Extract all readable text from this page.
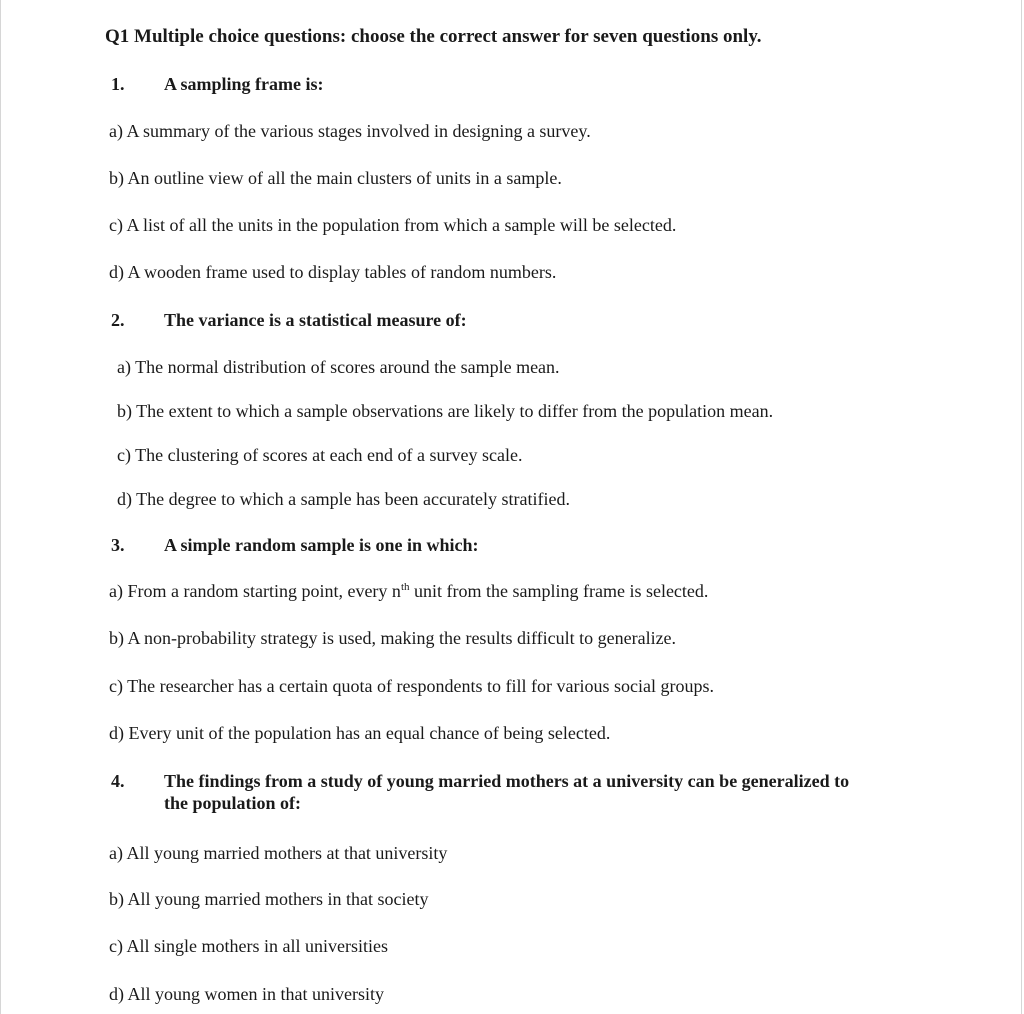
Q1 Multiple choice questions: choose the correct answer for seven questions only.
1. A sampling frame is:
a) A summary of the various stages involved in designing a survey.
b) An outline view of all the main clusters of units in a sample.
c) A list of all the units in the population from which a sample will be selected.
d) A wooden frame used to display tables of random numbers.
2. The variance is a statistical measure of:
a) The normal distribution of scores around the sample mean.
b) The extent to which a sample observations are likely to differ from the population mean.
c) The clustering of scores at each end of a survey scale.
d) The degree to which a sample has been accurately stratified.
3. A simple random sample is one in which:
a) From a random starting point, every $n^{th}$ unit from the sampling frame is selected.
b) A non-probability strategy is used, making the results difficult to generalize.
c) The researcher has a certain quota of respondents to fill for various social groups.
d) Every unit of the population has an equal chance of being selected.
4. The findings from a study of young married mothers at a university can be generalized to the population of:
a) All young married mothers at that university
b) All young married mothers in that society
c) All single mothers in all universities
d) All young women in that university
